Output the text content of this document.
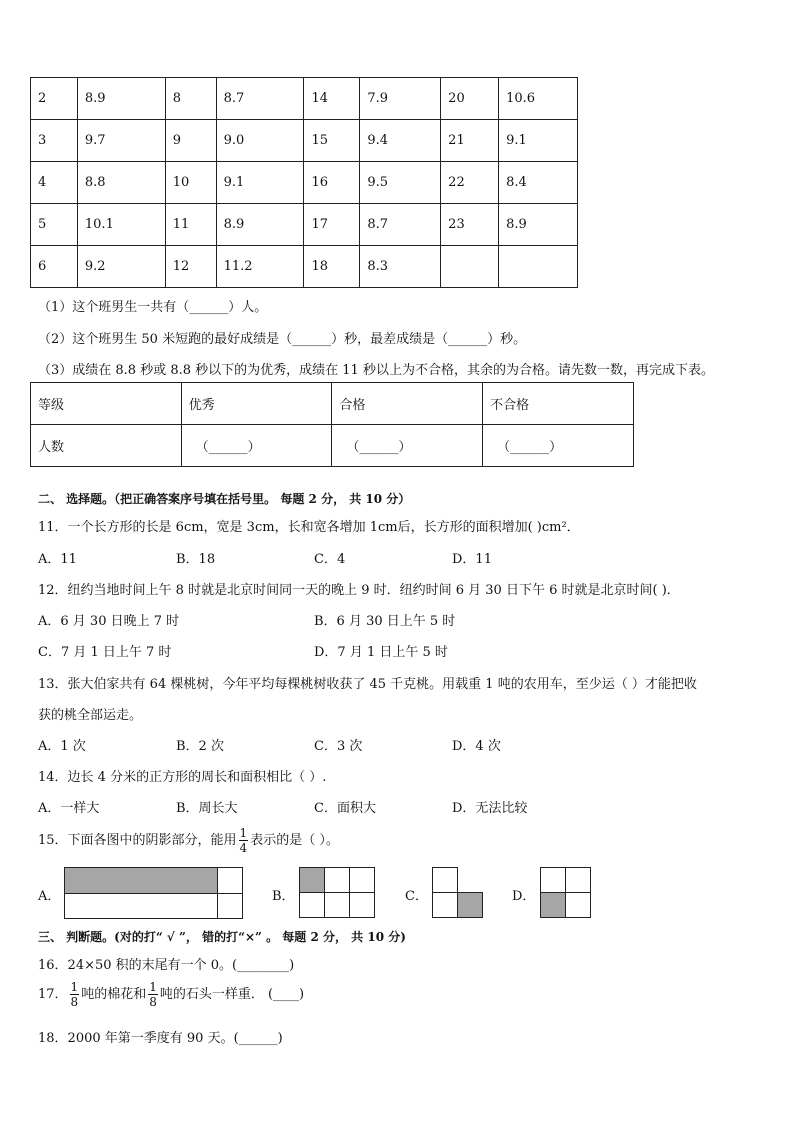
2	8.9	8	8.7	14	7.9	20	10.6
3	9.7	9	9.0	15	9.4	21	9.1
4	8.8	10	9.1	16	9.5	22	8.4
5	10.1	11	8.9	17	8.7	23	8.9
6	9.2	12	11.2	18	8.3		
（1）这个班男生一共有（______）人。
（2）这个班男生 50 米短跑的最好成绩是（______）秒，最差成绩是（______）秒。
（3）成绩在 8.8 秒或 8.8 秒以下的为优秀，成绩在 11 秒以上为不合格，其余的为合格。请先数一数，再完成下表。
等级	优秀	合格	不合格
人数	（______）	（______）	（______）
二、 选择题。（把正确答案序号填在括号里。 每题 2 分， 共 10 分）
11．一个长方形的长是 6cm，宽是 3cm，长和宽各增加 1cm后，长方形的面积增加( )cm²．
A．11	B．18	C．4	D．11
12．纽约当地时间上午 8 时就是北京时间同一天的晚上 9 时．纽约时间 6 月 30 日下午 6 时就是北京时间( )．
A．6 月 30 日晚上 7 时	B．6 月 30 日上午 5 时
C．7 月 1 日上午 7 时	D．7 月 1 日上午 5 时
13．张大伯家共有 64 棵桃树，今年平均每棵桃树收获了 45 千克桃。用载重 1 吨的农用车，至少运（ ）才能把收
获的桃全部运走。
A．1 次	B．2 次	C．3 次	D．4 次
14．边长 4 分米的正方形的周长和面积相比（ ）.
A．一样大	B．周长大	C．面积大	D．无法比较
15．下面各图中的阴影部分，能用 $\frac{1}{4}$ 表示的是（ ）。
A．	B．	C．	D．
三、 判断题。(对的打“ √ ”， 错的打“×” 。 每题 2 分， 共 10 分)
16．24×50 积的末尾有一个 0。(________)
17． $\frac{1}{8}$ 吨的棉花和 $\frac{1}{8}$ 吨的石头一样重． (____)
18．2000 年第一季度有 90 天。(______)
